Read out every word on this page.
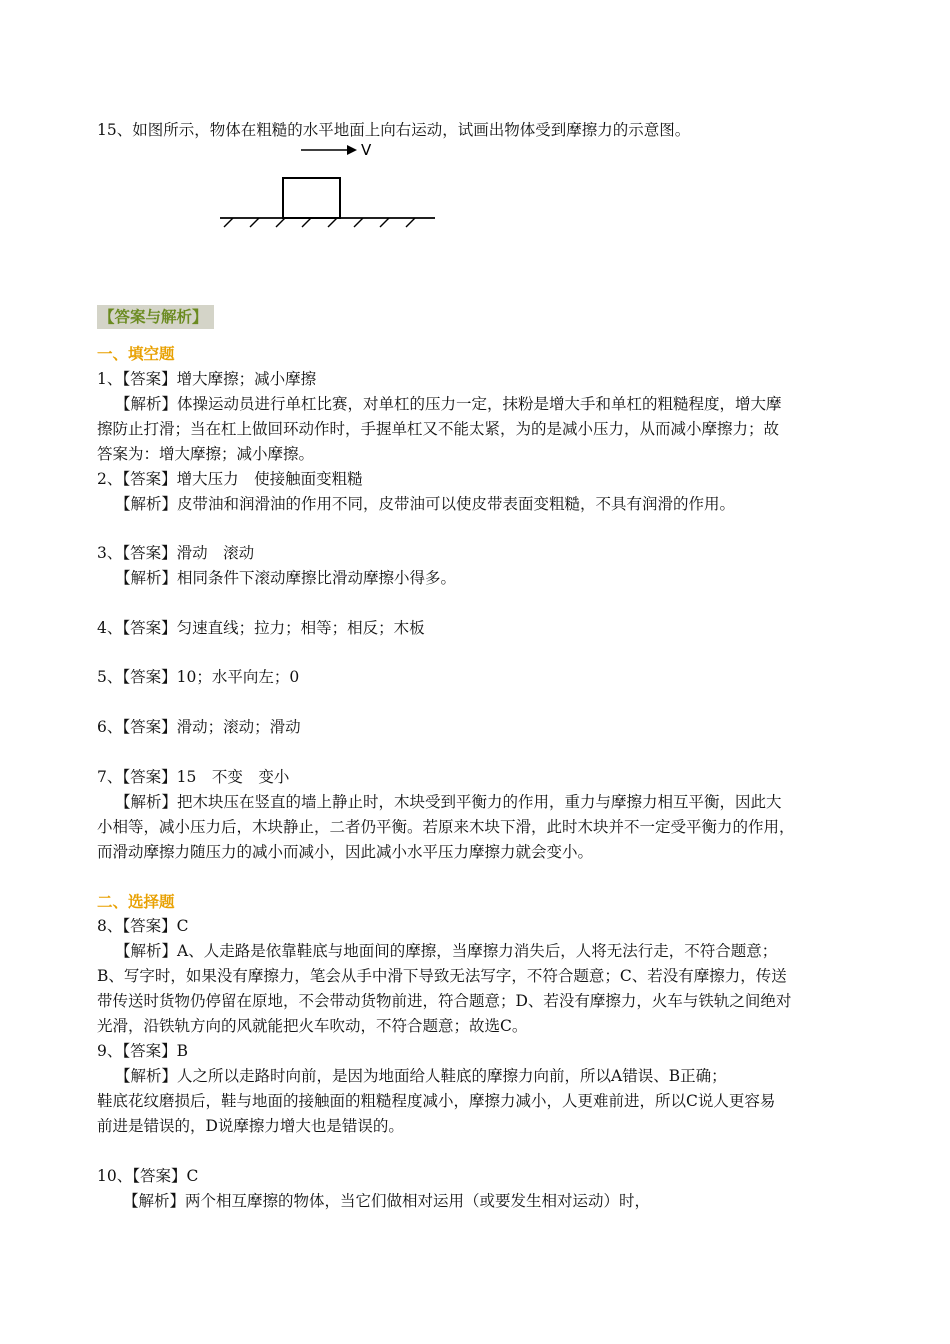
15、如图所示，物体在粗糙的水平地面上向右运动，试画出物体受到摩擦力的示意图。
V
【答案与解析】
一、填空题
1、【答案】增大摩擦；减小摩擦
【解析】体操运动员进行单杠比赛，对单杠的压力一定，抹粉是增大手和单杠的粗糙程度，增大摩
擦防止打滑；当在杠上做回环动作时，手握单杠又不能太紧，为的是减小压力，从而减小摩擦力；故
答案为：增大摩擦；减小摩擦。
2、【答案】增大压力　使接触面变粗糙
【解析】皮带油和润滑油的作用不同，皮带油可以使皮带表面变粗糙，不具有润滑的作用。
3、【答案】滑动　滚动
【解析】相同条件下滚动摩擦比滑动摩擦小得多。
4、【答案】匀速直线；拉力；相等；相反；木板
5、【答案】10；水平向左；0
6、【答案】滑动；滚动；滑动
7、【答案】15　不变　变小
【解析】把木块压在竖直的墙上静止时，木块受到平衡力的作用，重力与摩擦力相互平衡，因此大
小相等，减小压力后，木块静止，二者仍平衡。若原来木块下滑，此时木块并不一定受平衡力的作用，
而滑动摩擦力随压力的减小而减小，因此减小水平压力摩擦力就会变小。
二、选择题
8、【答案】C
【解析】A、人走路是依靠鞋底与地面间的摩擦，当摩擦力消失后，人将无法行走，不符合题意；
B、写字时，如果没有摩擦力，笔会从手中滑下导致无法写字，不符合题意；C、若没有摩擦力，传送
带传送时货物仍停留在原地，不会带动货物前进，符合题意；D、若没有摩擦力，火车与铁轨之间绝对
光滑，沿铁轨方向的风就能把火车吹动，不符合题意；故选C。
9、【答案】B
【解析】人之所以走路时向前，是因为地面给人鞋底的摩擦力向前，所以A错误、B正确；
鞋底花纹磨损后，鞋与地面的接触面的粗糙程度减小，摩擦力减小，人更难前进，所以C说人更容易
前进是错误的，D说摩擦力增大也是错误的。
10、【答案】C
【解析】两个相互摩擦的物体，当它们做相对运用（或要发生相对运动）时，
